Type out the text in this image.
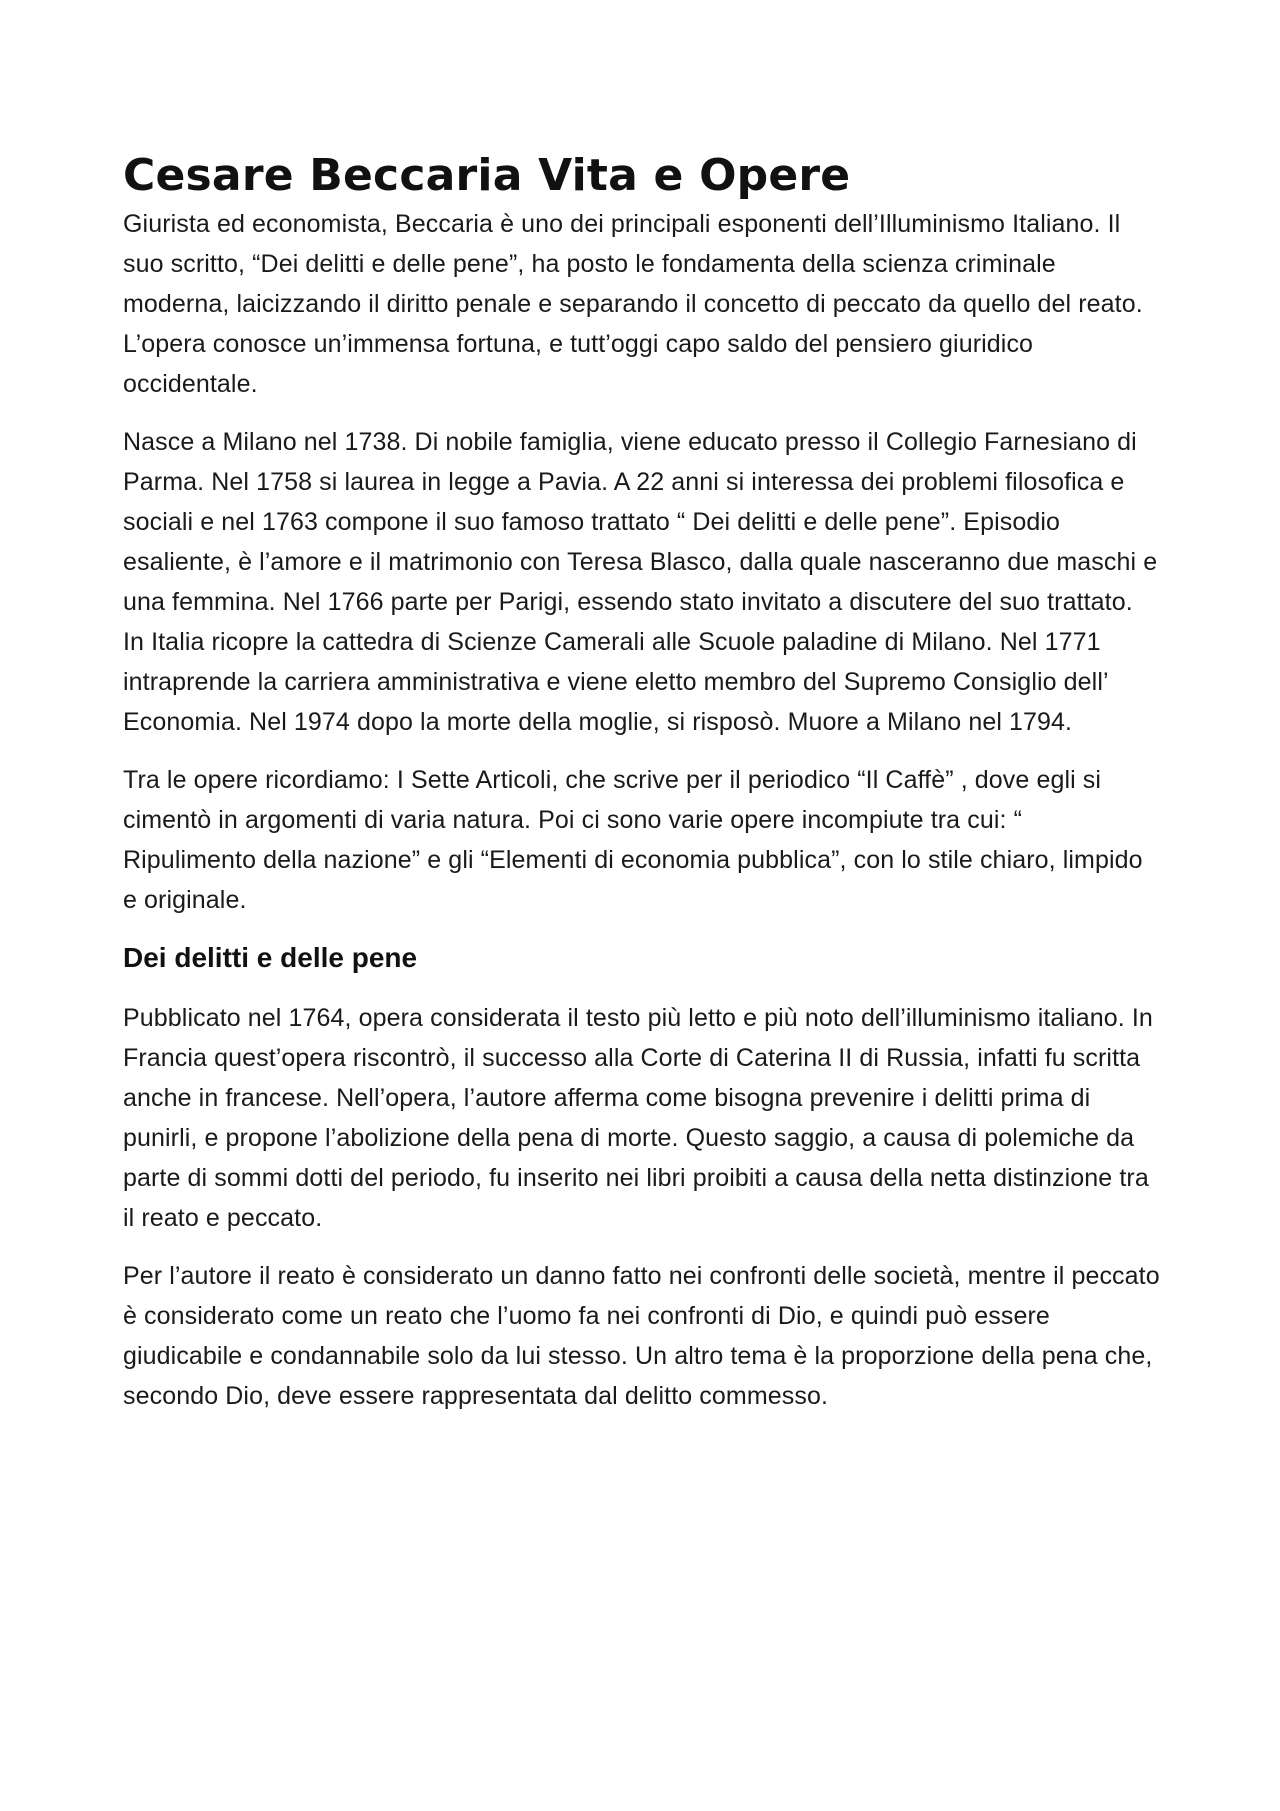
Cesare Beccaria Vita e Opere

Giurista ed economista, Beccaria è uno dei principali esponenti dell’Illuminismo Italiano. Il suo scritto, “Dei delitti e delle pene”, ha posto le fondamenta della scienza criminale moderna, laicizzando il diritto penale e separando il concetto di peccato da quello del reato. L’opera conosce un’immensa fortuna, e tutt’oggi capo saldo del pensiero giuridico occidentale.

Nasce a Milano nel 1738. Di nobile famiglia, viene educato presso il Collegio Farnesiano di Parma. Nel 1758 si laurea in legge a Pavia. A 22 anni si interessa dei problemi filosofica e sociali e nel 1763 compone il suo famoso trattato “ Dei delitti e delle pene”. Episodio esaliente, è l’amore e il matrimonio con Teresa Blasco, dalla quale nasceranno due maschi e una femmina. Nel 1766 parte per Parigi, essendo stato invitato a discutere del suo trattato. In Italia ricopre la cattedra di Scienze Camerali alle Scuole paladine di Milano. Nel 1771 intraprende la carriera amministrativa e viene eletto membro del Supremo Consiglio dell’ Economia. Nel 1974 dopo la morte della moglie, si risposò. Muore a Milano nel 1794.

Tra le opere ricordiamo: I Sette Articoli, che scrive per il periodico “Il Caffè” , dove egli si cimentò in argomenti di varia natura. Poi ci sono varie opere incompiute tra cui: “ Ripulimento della nazione” e gli “Elementi di economia pubblica”, con lo stile chiaro, limpido e originale.

Dei delitti e delle pene

Pubblicato nel 1764, opera considerata il testo più letto e più noto dell’illuminismo italiano. In Francia quest’opera riscontrò, il successo alla Corte di Caterina II di Russia, infatti fu scritta anche in francese. Nell’opera, l’autore afferma come bisogna prevenire i delitti prima di punirli, e propone l’abolizione della pena di morte. Questo saggio, a causa di polemiche da parte di sommi dotti del periodo, fu inserito nei libri proibiti a causa della netta distinzione tra il reato e peccato.

Per l’autore il reato è considerato un danno fatto nei confronti delle società, mentre il peccato è considerato come un reato che l’uomo fa nei confronti di Dio, e quindi può essere giudicabile e condannabile solo da lui stesso. Un altro tema è la proporzione della pena che, secondo Dio, deve essere rappresentata dal delitto commesso.
